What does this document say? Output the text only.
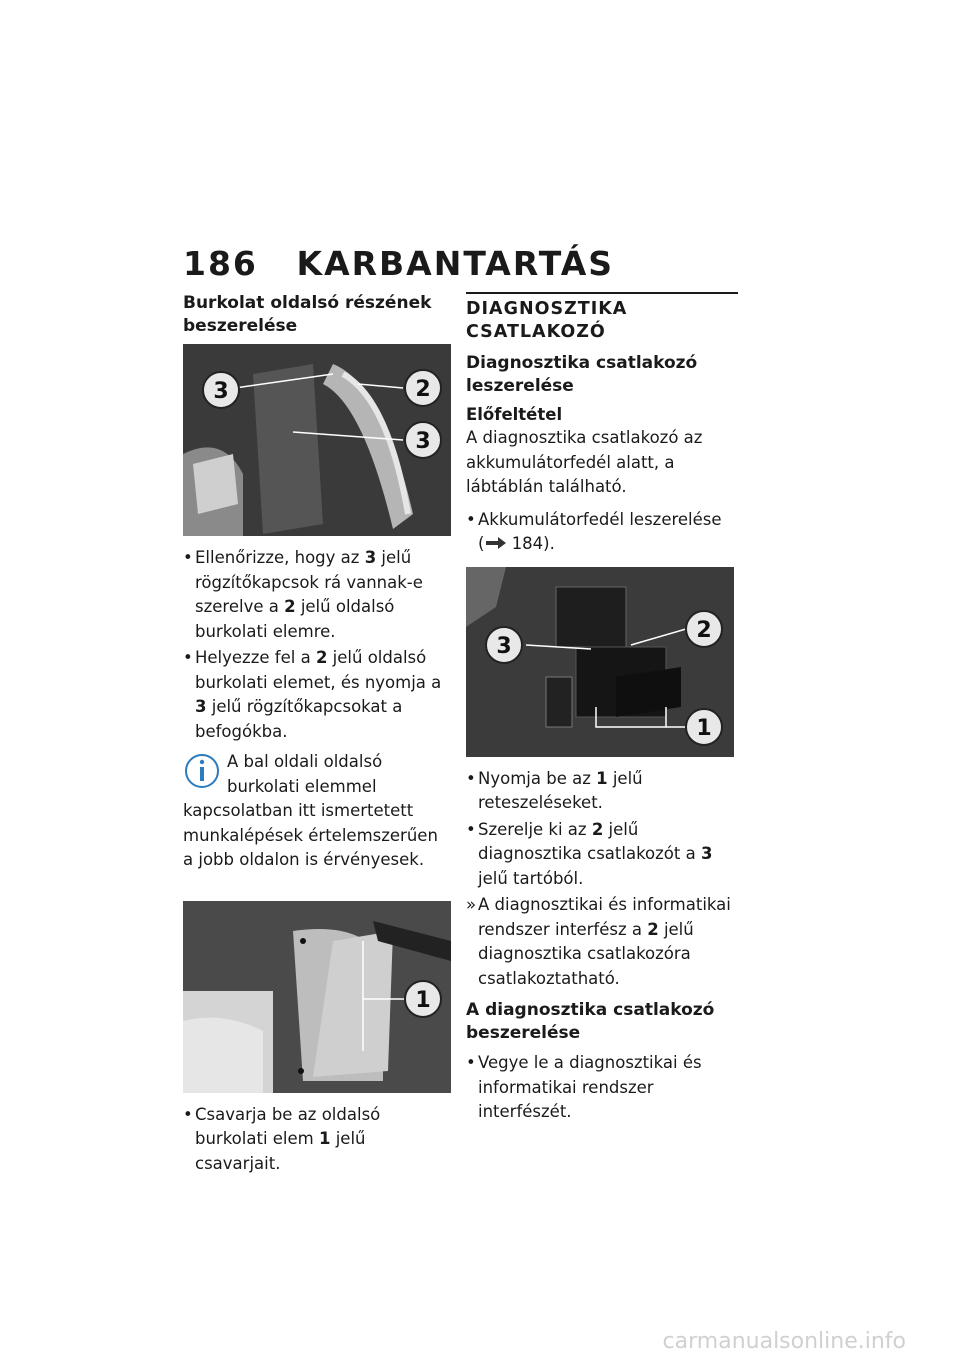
186 KARBANTARTÁS
Burkolat oldalsó részének beszerelése
3	2
3
• Ellenőrizze, hogy az 3 jelű rögzítőkapcsok rá vannak-e szerelve a 2 jelű oldalsó burkolati elemre.
• Helyezze fel a 2 jelű oldalsó burkolati elemet, és nyomja a 3 jelű rögzítőkapcsokat a befogókba.
A bal oldali oldalsó burkolati elemmel kapcsolatban itt ismertetett munkalépések értelemszerűen a jobb oldalon is érvényesek.
1
• Csavarja be az oldalsó burkolati elem 1 jelű csavarjait.
DIAGNOSZTIKA CSATLAKOZÓ
Diagnosztika csatlakozó leszerelése
Előfeltétel

A diagnosztika csatlakozó az akkumulátorfedél alatt, a lábtáblán található.

• Akkumulátorfedél leszerelése
( 184).
3
2
1
• Nyomja be az 1 jelű reteszeléseket.
• Szerelje ki az 2 jelű diagnosztika csatlakozót a 3 jelű tartóból.
» A diagnosztikai és informatikai rendszer interfész a 2 jelű diagnosztika csatlakozóra csatlakoztatható.
A diagnosztika csatlakozó beszerelése
• Vegye le a diagnosztikai és informatikai rendszer interfészét.
carmanualsonline.info
